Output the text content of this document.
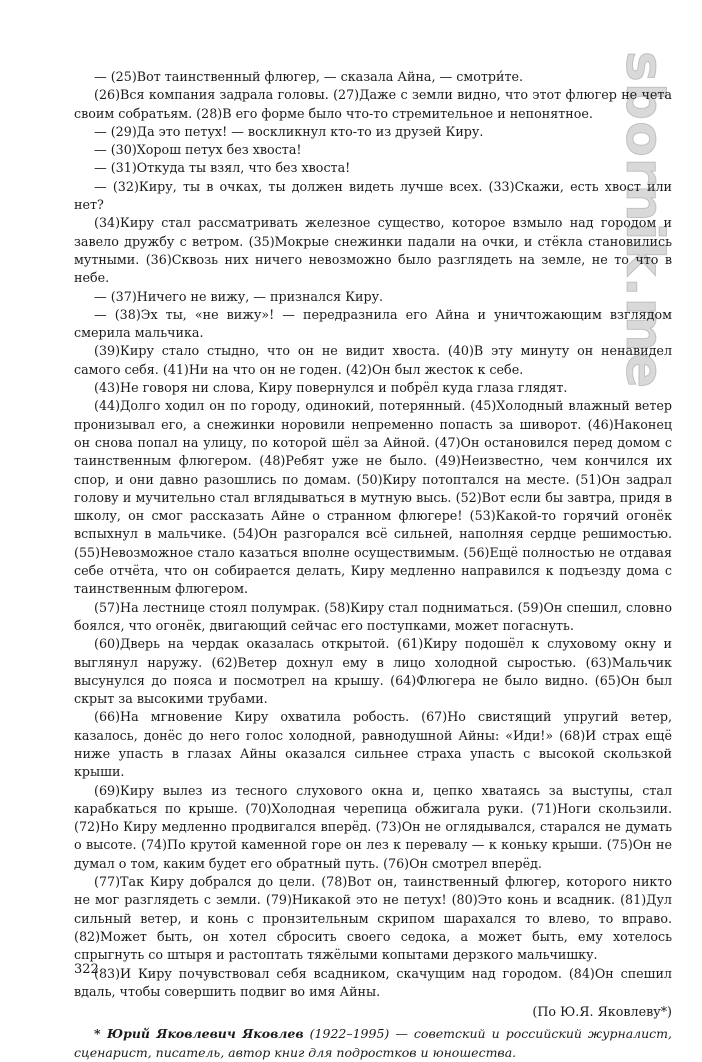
sbornik.me

— (25)Вот таинственный флюгер, — сказала Айна, — смотри́те.

(26)Вся компания задрала головы. (27)Даже с земли видно, что этот флюгер не чета своим собратьям. (28)В его форме было что-то стремительное и непонятное.

— (29)Да это петух! — воскликнул кто-то из друзей Киру.

— (30)Хорош петух без хвоста!

— (31)Откуда ты взял, что без хвоста!

— (32)Киру, ты в очках, ты должен видеть лучше всех. (33)Скажи, есть хвост или нет?

(34)Киру стал рассматривать железное существо, которое взмыло над городом и завело дружбу с ветром. (35)Мокрые снежинки падали на очки, и стёкла становились мутными. (36)Сквозь них ничего невозможно было разглядеть на земле, не то что в небе.

— (37)Ничего не вижу, — признался Киру.

— (38)Эх ты, «не вижу»! — передразнила его Айна и уничтожающим взглядом смерила мальчика.

(39)Киру стало стыдно, что он не видит хвоста. (40)В эту минуту он ненавидел самого себя. (41)Ни на что он не годен. (42)Он был жесток к себе.

(43)Не говоря ни слова, Киру повернулся и побрёл куда глаза глядят.

(44)Долго ходил он по городу, одинокий, потерянный. (45)Холодный влажный ветер пронизывал его, а снежинки норовили непременно попасть за шиворот. (46)Наконец он снова попал на улицу, по которой шёл за Айной. (47)Он остановился перед домом с таинственным флюгером. (48)Ребят уже не было. (49)Неизвестно, чем кончился их спор, и они давно разошлись по домам. (50)Киру потоптался на месте. (51)Он задрал голову и мучительно стал вглядываться в мутную высь. (52)Вот если бы завтра, придя в школу, он смог рассказать Айне о странном флюгере! (53)Какой-то горячий огонёк вспыхнул в мальчике. (54)Он разгорался всё сильней, наполняя сердце решимостью. (55)Невозможное стало казаться вполне осуществимым. (56)Ещё полностью не отдавая себе отчёта, что он собирается делать, Киру медленно направился к подъезду дома с таинственным флюгером.

(57)На лестнице стоял полумрак. (58)Киру стал подниматься. (59)Он спешил, словно боялся, что огонёк, двигающий сейчас его поступками, может погаснуть.

(60)Дверь на чердак оказалась открытой. (61)Киру подошёл к слуховому окну и выглянул наружу. (62)Ветер дохнул ему в лицо холодной сыростью. (63)Мальчик высунулся до пояса и посмотрел на крышу. (64)Флюгера не было видно. (65)Он был скрыт за высокими трубами.

(66)На мгновение Киру охватила робость. (67)Но свистящий упругий ветер, казалось, донёс до него голос холодной, равнодушной Айны: «Иди!» (68)И страх ещё ниже упасть в глазах Айны оказался сильнее страха упасть с высокой скользкой крыши.

(69)Киру вылез из тесного слухового окна и, цепко хватаясь за выступы, стал карабкаться по крыше. (70)Холодная черепица обжигала руки. (71)Ноги скользили. (72)Но Киру медленно продвигался вперёд. (73)Он не оглядывался, старался не думать о высоте. (74)По крутой каменной горе он лез к перевалу — к коньку крыши. (75)Он не думал о том, каким будет его обратный путь. (76)Он смотрел вперёд.

(77)Так Киру добрался до цели. (78)Вот он, таинственный флюгер, которого никто не мог разглядеть с земли. (79)Никакой это не петух! (80)Это конь и всадник. (81)Дул сильный ветер, и конь с пронзительным скрипом шарахался то влево, то вправо. (82)Может быть, он хотел сбросить своего седока, а может быть, ему хотелось спрыгнуть со штыря и растоптать тяжёлыми копытами дерзкого мальчишку.

(83)И Киру почувствовал себя всадником, скачущим над городом. (84)Он спешил вдаль, чтобы совершить подвиг во имя Айны.

(По Ю.Я. Яковлеву*)

* Юрий Яковлевич Яковлев (1922–1995) — советский и российский журналист, сценарист, писатель, автор книг для подростков и юношества.

322
